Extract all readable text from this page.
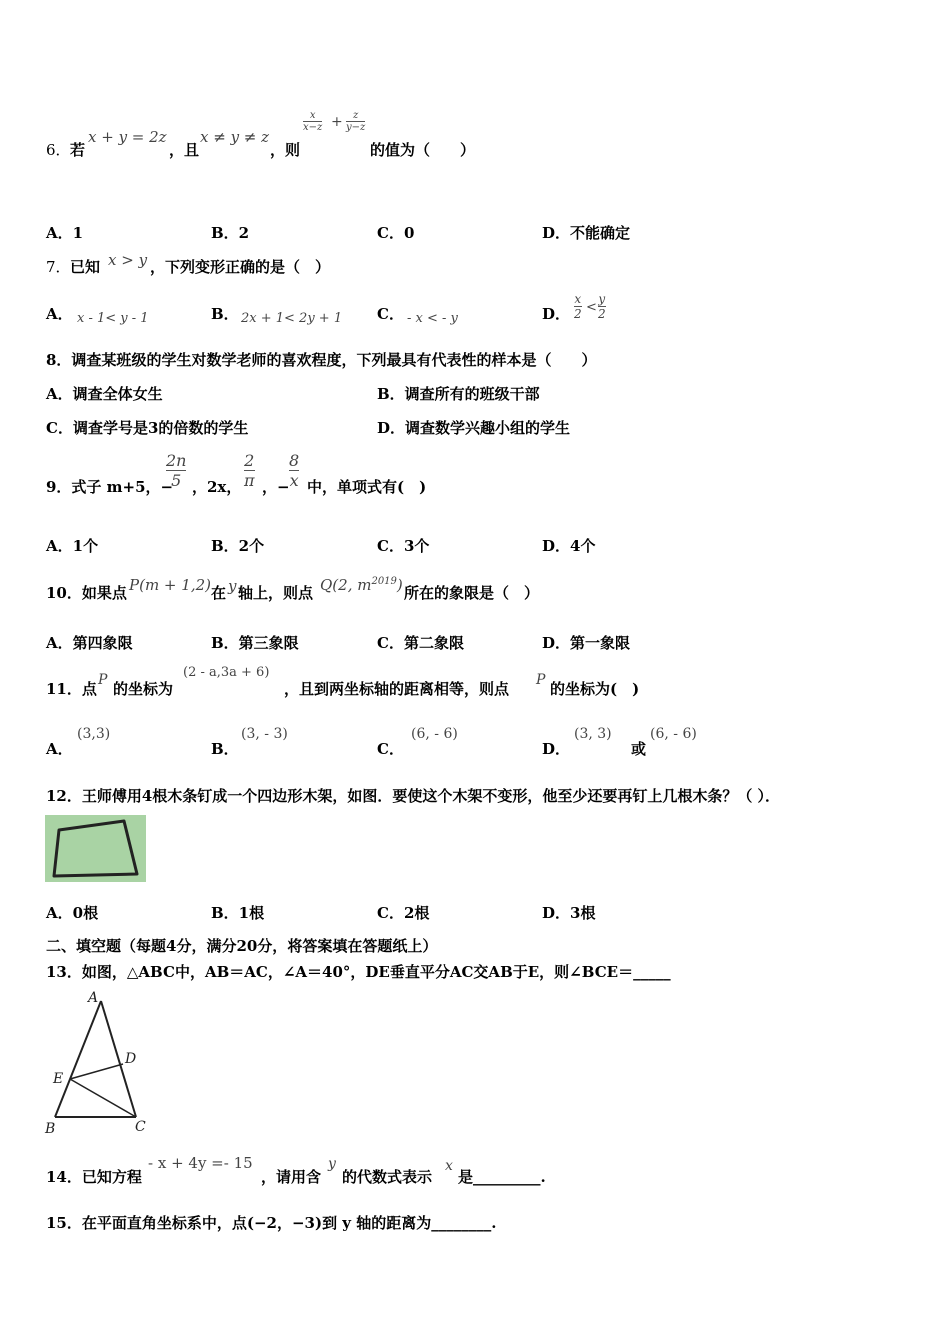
6． 若
x + y = 2z
，且
x ≠ y ≠ z
，则
x
x−z + z
y−z
的值为（　　）
A．1	B．2	C．0	D．不能确定
7． 已知 x > y ，下列变形正确的是（　）
A． x - 1< y - 1	B． 2x + 1< 2y + 1 C． - x < - y	D．
x
2 <
y
2
8．调查某班级的学生对数学老师的喜欢程度，下列最具有代表性的样本是（　　）
A．调查全体女生	B．调查所有的班级干部
C．调查学号是3的倍数的学生	D．调查数学兴趣小组的学生
9．式子 m+5，−
2n
5 ，2x，
2
π ，−
8
x 中，单项式有(　)
A．1个	B．2个	C．3个	D．4个
10．如果点 P(m + 1,2) 在 y 轴上，则点 Q(2, $m^{2019}$) 所在的象限是（　）
A．第四象限	B．第三象限	C．第二象限	D．第一象限
11．点 P 的坐标为
(2 - a,3a + 6)
，且到两坐标轴的距离相等，则点 P 的坐标为(　)
A．
(3,3)
B．
(3, - 3)
C．
(6, - 6)
D．
(3, 3)
或
(6, - 6)
12．王师傅用4根木条钉成一个四边形木架，如图．要使这个木架不变形，他至少还要再钉上几根木条？（ ）．
A．0根	B．1根	C．2根	D．3根
二、填空题（每题4分，满分20分，将答案填在答题纸上）
13．如图，△ABC中，AB＝AC，∠A＝40°，DE垂直平分AC交AB于E，则∠BCE＝_____
A
D
E
B	C
14．已知方程
- x + 4y =- 15
，请用含
y
的代数式表示
x
是_________.
15．在平面直角坐标系中，点(−2，−3)到 y 轴的距离为________.
